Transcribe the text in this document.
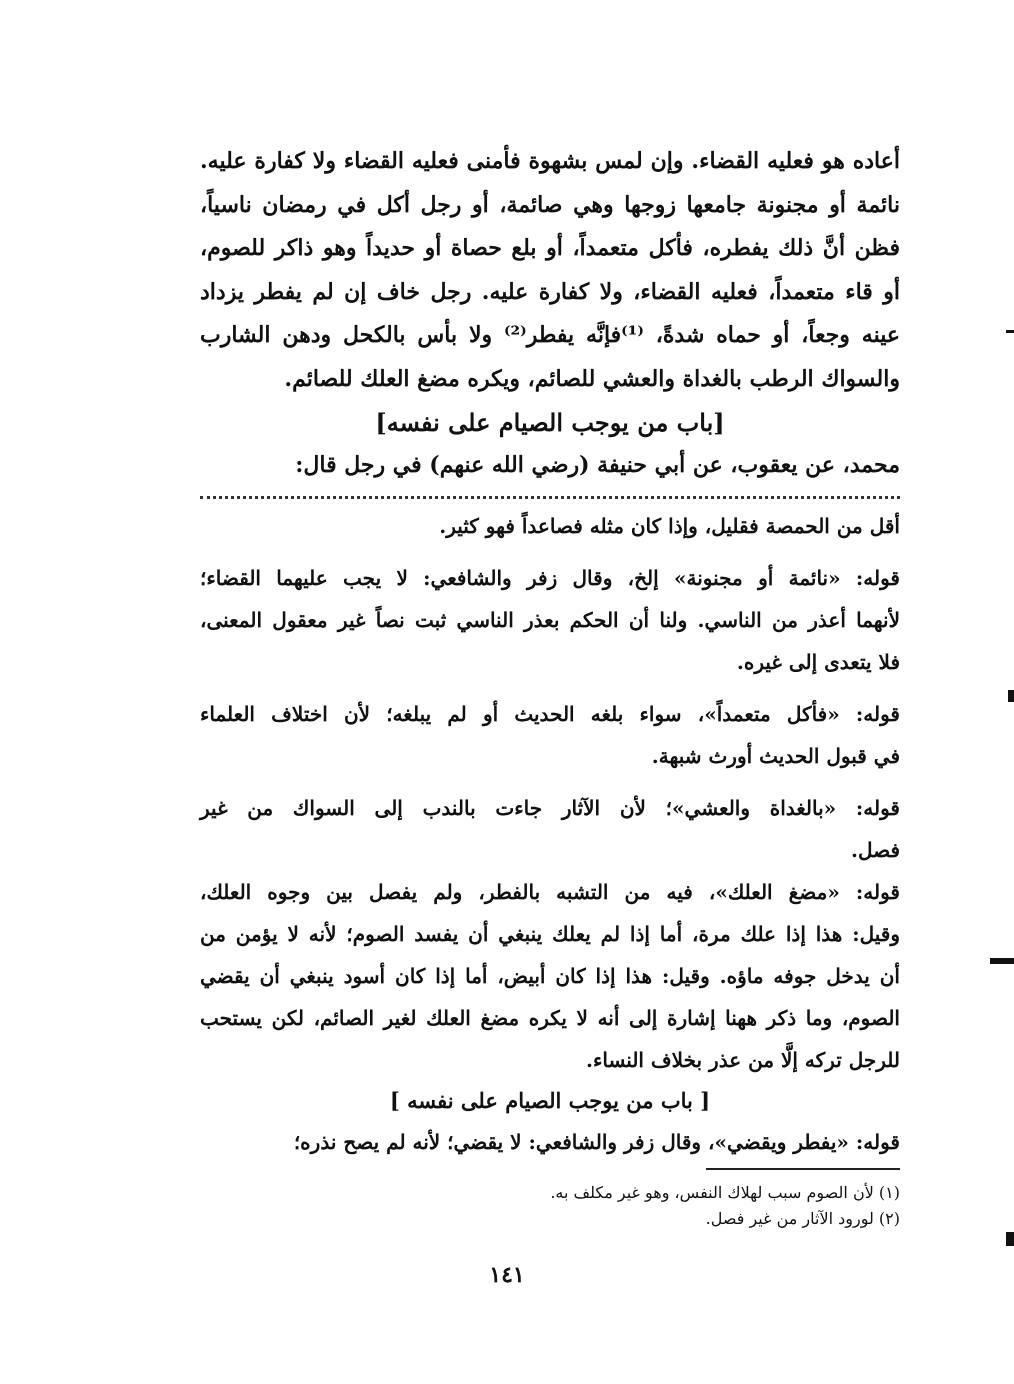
أعاده هو فعليه القضاء. وإن لمس بشهوة فأمنى فعليه القضاء ولا كفارة عليه.
نائمة أو مجنونة جامعها زوجها وهي صائمة، أو رجل أكل في رمضان ناسياً،
فظن أنَّ ذلك يفطره، فأكل متعمداً، أو بلع حصاة أو حديداً وهو ذاكر للصوم،
أو قاء متعمداً، فعليه القضاء، ولا كفارة عليه. رجل خاف إن لم يفطر يزداد
عينه وجعاً، أو حماه شدةً، ⁽¹⁾فإنَّه يفطر⁽²⁾ ولا بأس بالكحل ودهن الشارب
والسواك الرطب بالغداة والعشي للصائم، ويكره مضغ العلك للصائم.
[باب من يوجب الصيام على نفسه]
محمد، عن يعقوب، عن أبي حنيفة (رضي الله عنهم) في رجل قال:
أقل من الحمصة فقليل، وإذا كان مثله فصاعداً فهو كثير.
قوله: «نائمة أو مجنونة» إلخ، وقال زفر والشافعي: لا يجب عليهما القضاء؛
لأنهما أعذر من الناسي. ولنا أن الحكم بعذر الناسي ثبت نصاً غير معقول المعنى،
فلا يتعدى إلى غيره.
قوله: «فأكل متعمداً»، سواء بلغه الحديث أو لم يبلغه؛ لأن اختلاف العلماء
في قبول الحديث أورث شبهة.
قوله: «بالغداة والعشي»؛ لأن الآثار جاءت بالندب إلى السواك من غير
فصل.
قوله: «مضغ العلك»، فيه من التشبه بالفطر، ولم يفصل بين وجوه العلك،
وقيل: هذا إذا علك مرة، أما إذا لم يعلك ينبغي أن يفسد الصوم؛ لأنه لا يؤمن من
أن يدخل جوفه ماؤه. وقيل: هذا إذا كان أبيض، أما إذا كان أسود ينبغي أن يقضي
الصوم، وما ذكر ههنا إشارة إلى أنه لا يكره مضغ العلك لغير الصائم، لكن يستحب
للرجل تركه إلَّا من عذر بخلاف النساء.
[ باب من يوجب الصيام على نفسه ]
قوله: «يفطر ويقضي»، وقال زفر والشافعي: لا يقضي؛ لأنه لم يصح نذره؛
(١) لأن الصوم سبب لهلاك النفس، وهو غير مكلف به.
(٢) لورود الآثار من غير فصل.
١٤١
